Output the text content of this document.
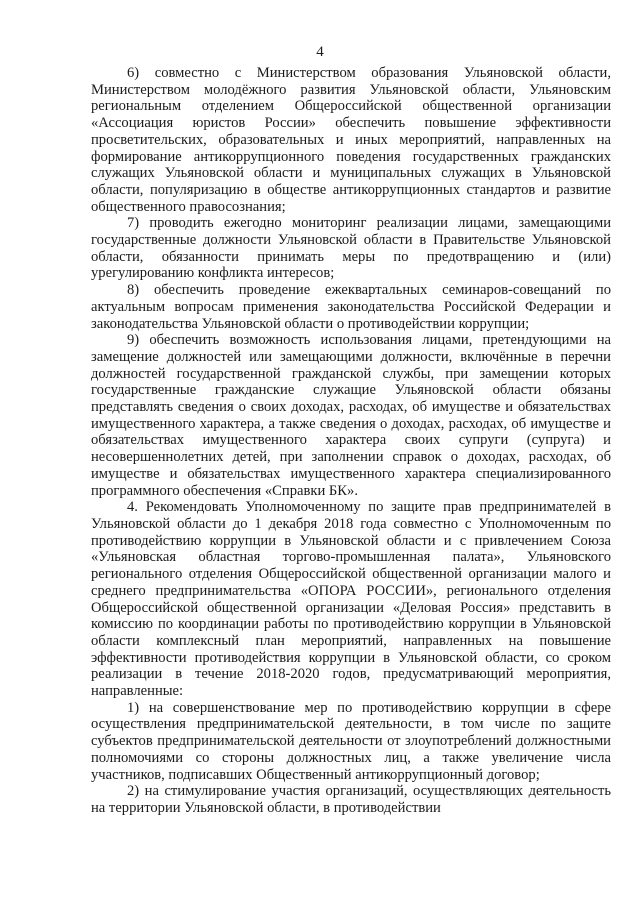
4

6) совместно с Министерством образования Ульяновской области, Министерством молодёжного развития Ульяновской области, Ульяновским региональным отделением Общероссийской общественной организации «Ассоциация юристов России» обеспечить повышение эффективности просветительских, образовательных и иных мероприятий, направленных на формирование антикоррупционного поведения государственных гражданских служащих Ульяновской области и муниципальных служащих в Ульяновской области, популяризацию в обществе антикоррупционных стандартов и развитие общественного правосознания;

7) проводить ежегодно мониторинг реализации лицами, замещающими государственные должности Ульяновской области в Правительстве Ульяновской области, обязанности принимать меры по предотвращению и (или) урегулированию конфликта интересов;

8) обеспечить проведение ежеквартальных семинаров-совещаний по актуальным вопросам применения законодательства Российской Федерации и законодательства Ульяновской области о противодействии коррупции;

9) обеспечить возможность использования лицами, претендующими на замещение должностей или замещающими должности, включённые в перечни должностей государственной гражданской службы, при замещении которых государственные гражданские служащие Ульяновской области обязаны представлять сведения о своих доходах, расходах, об имуществе и обязательствах имущественного характера, а также сведения о доходах, расходах, об имуществе и обязательствах имущественного характера своих супруги (супруга) и несовершеннолетних детей, при заполнении справок о доходах, расходах, об имуществе и обязательствах имущественного характера специализированного программного обеспечения «Справки БК».

4. Рекомендовать Уполномоченному по защите прав предпринимателей в Ульяновской области до 1 декабря 2018 года совместно с Уполномоченным по противодействию коррупции в Ульяновской области и с привлечением Союза «Ульяновская областная торгово-промышленная палата», Ульяновского регионального отделения Общероссийской общественной организации малого и среднего предпринимательства «ОПОРА РОССИИ», регионального отделения Общероссийской общественной организации «Деловая Россия» представить в комиссию по координации работы по противодействию коррупции в Ульяновской области комплексный план мероприятий, направленных на повышение эффективности противодействия коррупции в Ульяновской области, со сроком реализации в течение 2018-2020 годов, предусматривающий мероприятия, направленные:

1) на совершенствование мер по противодействию коррупции в сфере осуществления предпринимательской деятельности, в том числе по защите субъектов предпринимательской деятельности от злоупотреблений должностными полномочиями со стороны должностных лиц, а также увеличение числа участников, подписавших Общественный антикоррупционный договор;

2) на стимулирование участия организаций, осуществляющих деятельность на территории Ульяновской области, в противодействии
